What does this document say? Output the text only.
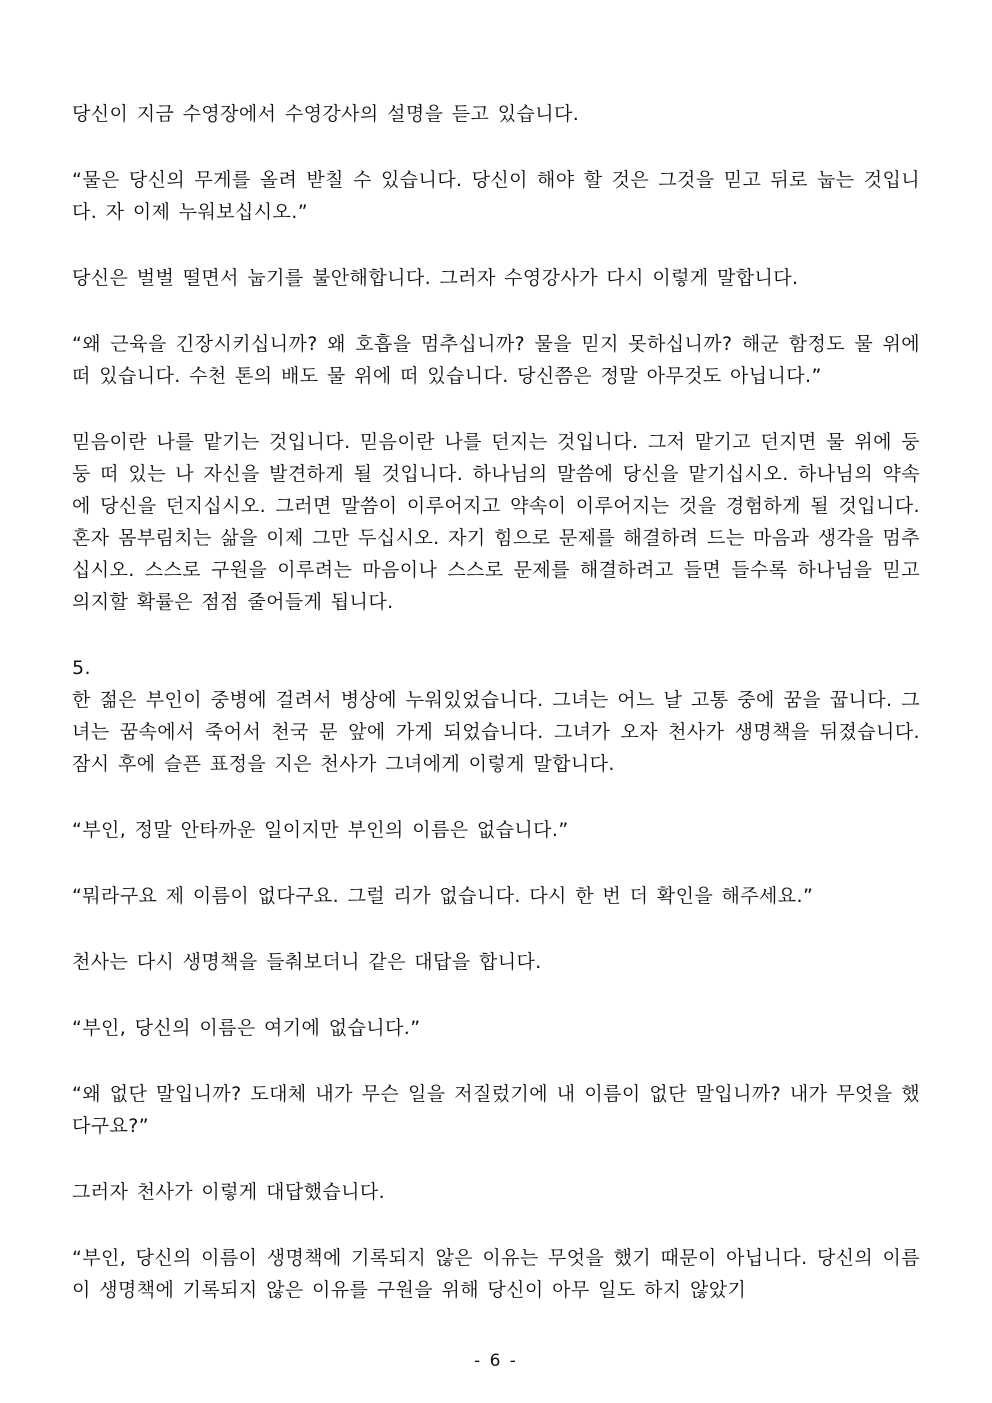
당신이 지금 수영장에서 수영강사의 설명을 듣고 있습니다.

“물은 당신의 무게를 올려 받칠 수 있습니다. 당신이 해야 할 것은 그것을 믿고 뒤로 눕는 것입니다. 자 이제 누워보십시오.”

당신은 벌벌 떨면서 눕기를 불안해합니다. 그러자 수영강사가 다시 이렇게 말합니다.

“왜 근육을 긴장시키십니까? 왜 호흡을 멈추십니까? 물을 믿지 못하십니까? 해군 함정도 물 위에 떠 있습니다. 수천 톤의 배도 물 위에 떠 있습니다. 당신쯤은 정말 아무것도 아닙니다.”

믿음이란 나를 맡기는 것입니다. 믿음이란 나를 던지는 것입니다. 그저 맡기고 던지면 물 위에 둥둥 떠 있는 나 자신을 발견하게 될 것입니다. 하나님의 말씀에 당신을 맡기십시오. 하나님의 약속에 당신을 던지십시오. 그러면 말씀이 이루어지고 약속이 이루어지는 것을 경험하게 될 것입니다. 혼자 몸부림치는 삶을 이제 그만 두십시오. 자기 힘으로 문제를 해결하려 드는 마음과 생각을 멈추십시오. 스스로 구원을 이루려는 마음이나 스스로 문제를 해결하려고 들면 들수록 하나님을 믿고 의지할 확률은 점점 줄어들게 됩니다.

5.

한 젊은 부인이 중병에 걸려서 병상에 누워있었습니다. 그녀는 어느 날 고통 중에 꿈을 꿉니다. 그녀는 꿈속에서 죽어서 천국 문 앞에 가게 되었습니다. 그녀가 오자 천사가 생명책을 뒤졌습니다. 잠시 후에 슬픈 표정을 지은 천사가 그녀에게 이렇게 말합니다.

“부인, 정말 안타까운 일이지만 부인의 이름은 없습니다.”

“뭐라구요 제 이름이 없다구요. 그럴 리가 없습니다. 다시 한 번 더 확인을 해주세요.”

천사는 다시 생명책을 들춰보더니 같은 대답을 합니다.

“부인, 당신의 이름은 여기에 없습니다.”

“왜 없단 말입니까? 도대체 내가 무슨 일을 저질렀기에 내 이름이 없단 말입니까? 내가 무엇을 했다구요?”

그러자 천사가 이렇게 대답했습니다.

“부인, 당신의 이름이 생명책에 기록되지 않은 이유는 무엇을 했기 때문이 아닙니다. 당신의 이름이 생명책에 기록되지 않은 이유를 구원을 위해 당신이 아무 일도 하지 않았기

- 6 -
